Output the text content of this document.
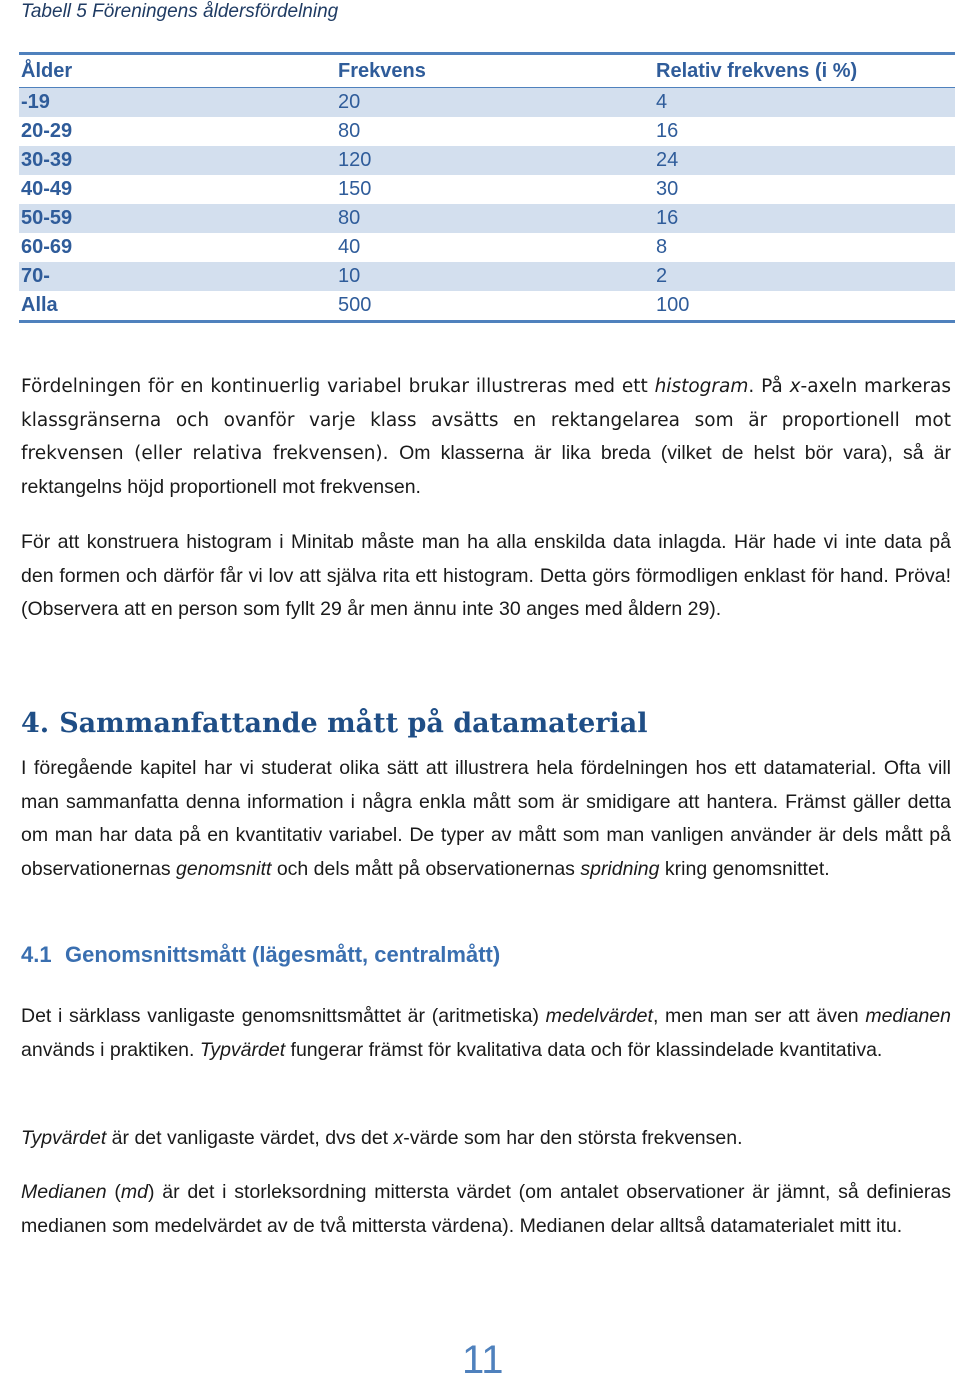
Tabell 5 Föreningens åldersfördelning
Ålder	Frekvens	Relativ frekvens (i %)
-19	20	4
20-29	80	16
30-39	120	24
40-49	150	30
50-59	80	16
60-69	40	8
70-	10	2
Alla	500	100

Fördelningen för en kontinuerlig variabel brukar illustreras med ett histogram. På x-axeln markeras klassgränserna och ovanför varje klass avsätts en rektangelarea som är proportionell mot frekvensen (eller relativa frekvensen). Om klasserna är lika breda (vilket de helst bör vara), så är rektangelns höjd proportionell mot frekvensen.

För att konstruera histogram i Minitab måste man ha alla enskilda data inlagda. Här hade vi inte data på den formen och därför får vi lov att själva rita ett histogram. Detta görs förmodligen enklast för hand. Pröva! (Observera att en person som fyllt 29 år men ännu inte 30 anges med åldern 29).

4. Sammanfattande mått på datamaterial

I föregående kapitel har vi studerat olika sätt att illustrera hela fördelningen hos ett datamaterial. Ofta vill man sammanfatta denna information i några enkla mått som är smidigare att hantera. Främst gäller detta om man har data på en kvantitativ variabel. De typer av mått som man vanligen använder är dels mått på observationernas genomsnitt och dels mått på observationernas spridning kring genomsnittet.

4.1 Genomsnittsmått (lägesmått, centralmått)

Det i särklass vanligaste genomsnittsmåttet är (aritmetiska) medelvärdet, men man ser att även medianen används i praktiken. Typvärdet fungerar främst för kvalitativa data och för klassindelade kvantitativa.

Typvärdet är det vanligaste värdet, dvs det x-värde som har den största frekvensen.

Medianen (md) är det i storleksordning mittersta värdet (om antalet observationer är jämnt, så definieras medianen som medelvärdet av de två mittersta värdena). Medianen delar alltså datamaterialet mitt itu.

11
